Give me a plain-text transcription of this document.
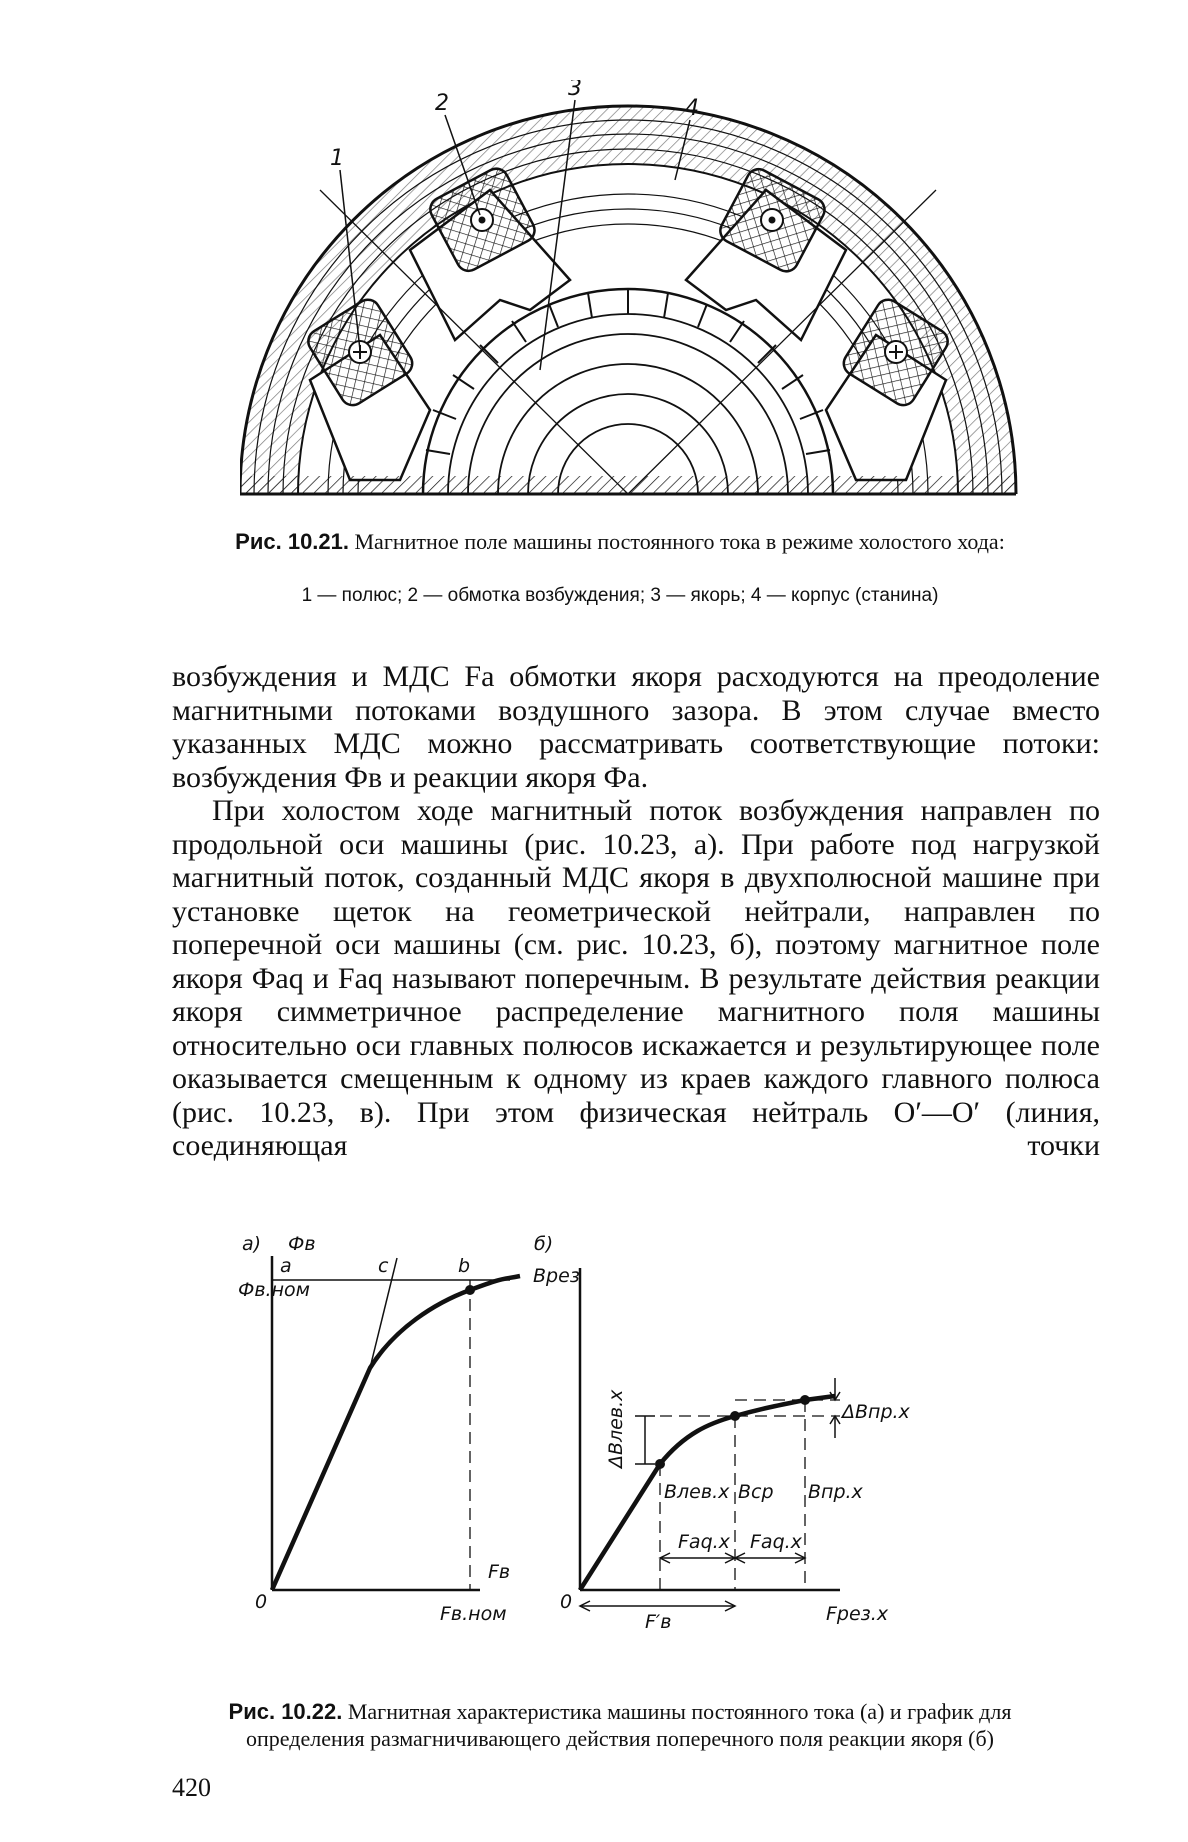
1
2
3
4
Рис. 10.21. Магнитное поле машины постоянного тока в режиме холостого хода:
1 — полюс; 2 — обмотка возбуждения; 3 — якорь; 4 — корпус (станина)

возбуждения и МДС Fa обмотки якоря расходуются на преодоление магнитными потоками воздушного зазора. В этом случае вместо указанных МДС можно рассматривать соответствующие потоки: возбуждения Фв и реакции якоря Фa.

При холостом ходе магнитный поток возбуждения направлен по продольной оси машины (рис. 10.23, а). При работе под нагрузкой магнитный поток, созданный МДС якоря в двухполюсной машине при установке щеток на геометрической нейтрали, направлен по поперечной оси машины (см. рис. 10.23, б), поэтому магнитное поле якоря Фaq и Faq называют поперечным. В результате действия реакции якоря симметричное распределение магнитного поля машины относительно оси главных полюсов искажается и результирующее поле оказывается смещенным к одному из краев каждого главного полюса (рис. 10.23, в). При этом физическая нейтраль O′—O′ (линия, соединяющая точки

а) Фв
Фв.ном
a	c	b
0
Fв
Fв.ном
б)
Bрез
ΔBлев.x	ΔBпр.x
Bлев.x Bср Bпр.x
Faq.x Faq.x
F′в
0
Fрез.x
Рис. 10.22. Магнитная характеристика машины постоянного тока (а) и график для определения размагничивающего действия поперечного поля реакции якоря (б)
420
